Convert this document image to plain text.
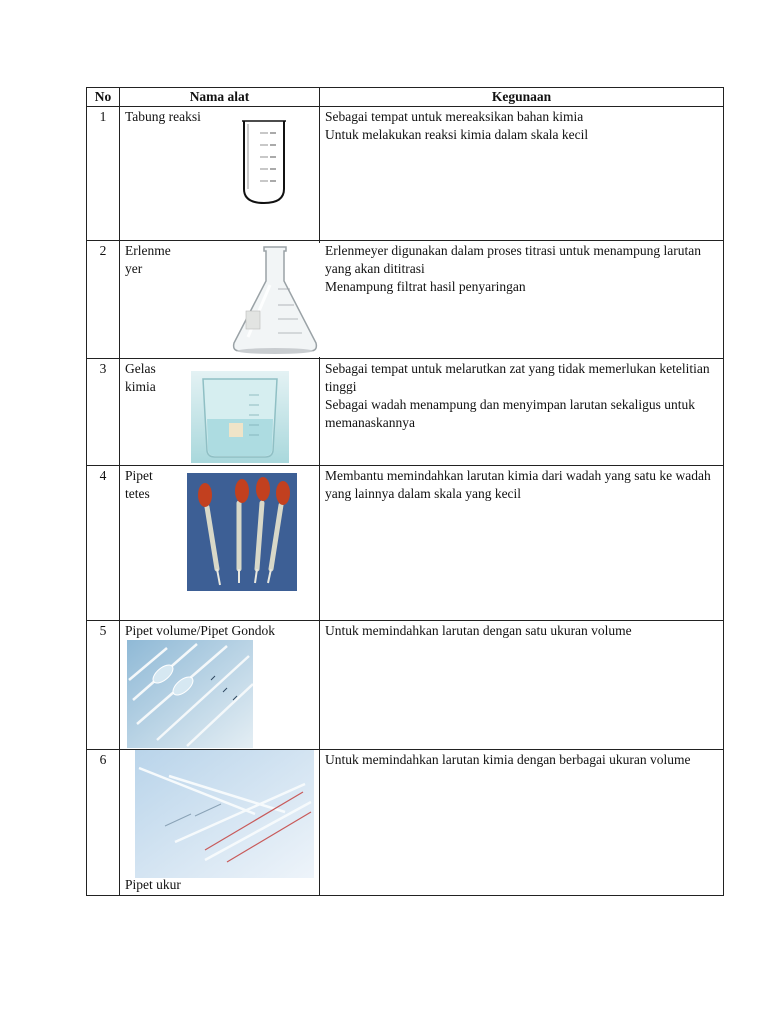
No	Nama alat	Kegunaan
1	Tabung reaksi	Sebagai tempat untuk mereaksikan bahan kimia
Untuk melakukan reaksi kimia dalam skala kecil

2	Erlenme
yer	Erlenmeyer digunakan dalam proses titrasi untuk menampung larutan yang akan dititrasi
Menampung filtrat hasil penyaringan

3	Gelas
kimia	Sebagai tempat untuk melarutkan zat yang tidak memerlukan ketelitian tinggi
Sebagai wadah menampung dan menyimpan larutan sekaligus untuk memanaskannya

4	Pipet
tetes	Membantu memindahkan larutan kimia dari wadah yang satu ke wadah yang lainnya dalam skala yang kecil

5	Pipet volume/Pipet Gondok	Untuk memindahkan larutan dengan satu ukuran volume

6	Pipet ukur	Untuk memindahkan larutan kimia dengan berbagai ukuran volume
